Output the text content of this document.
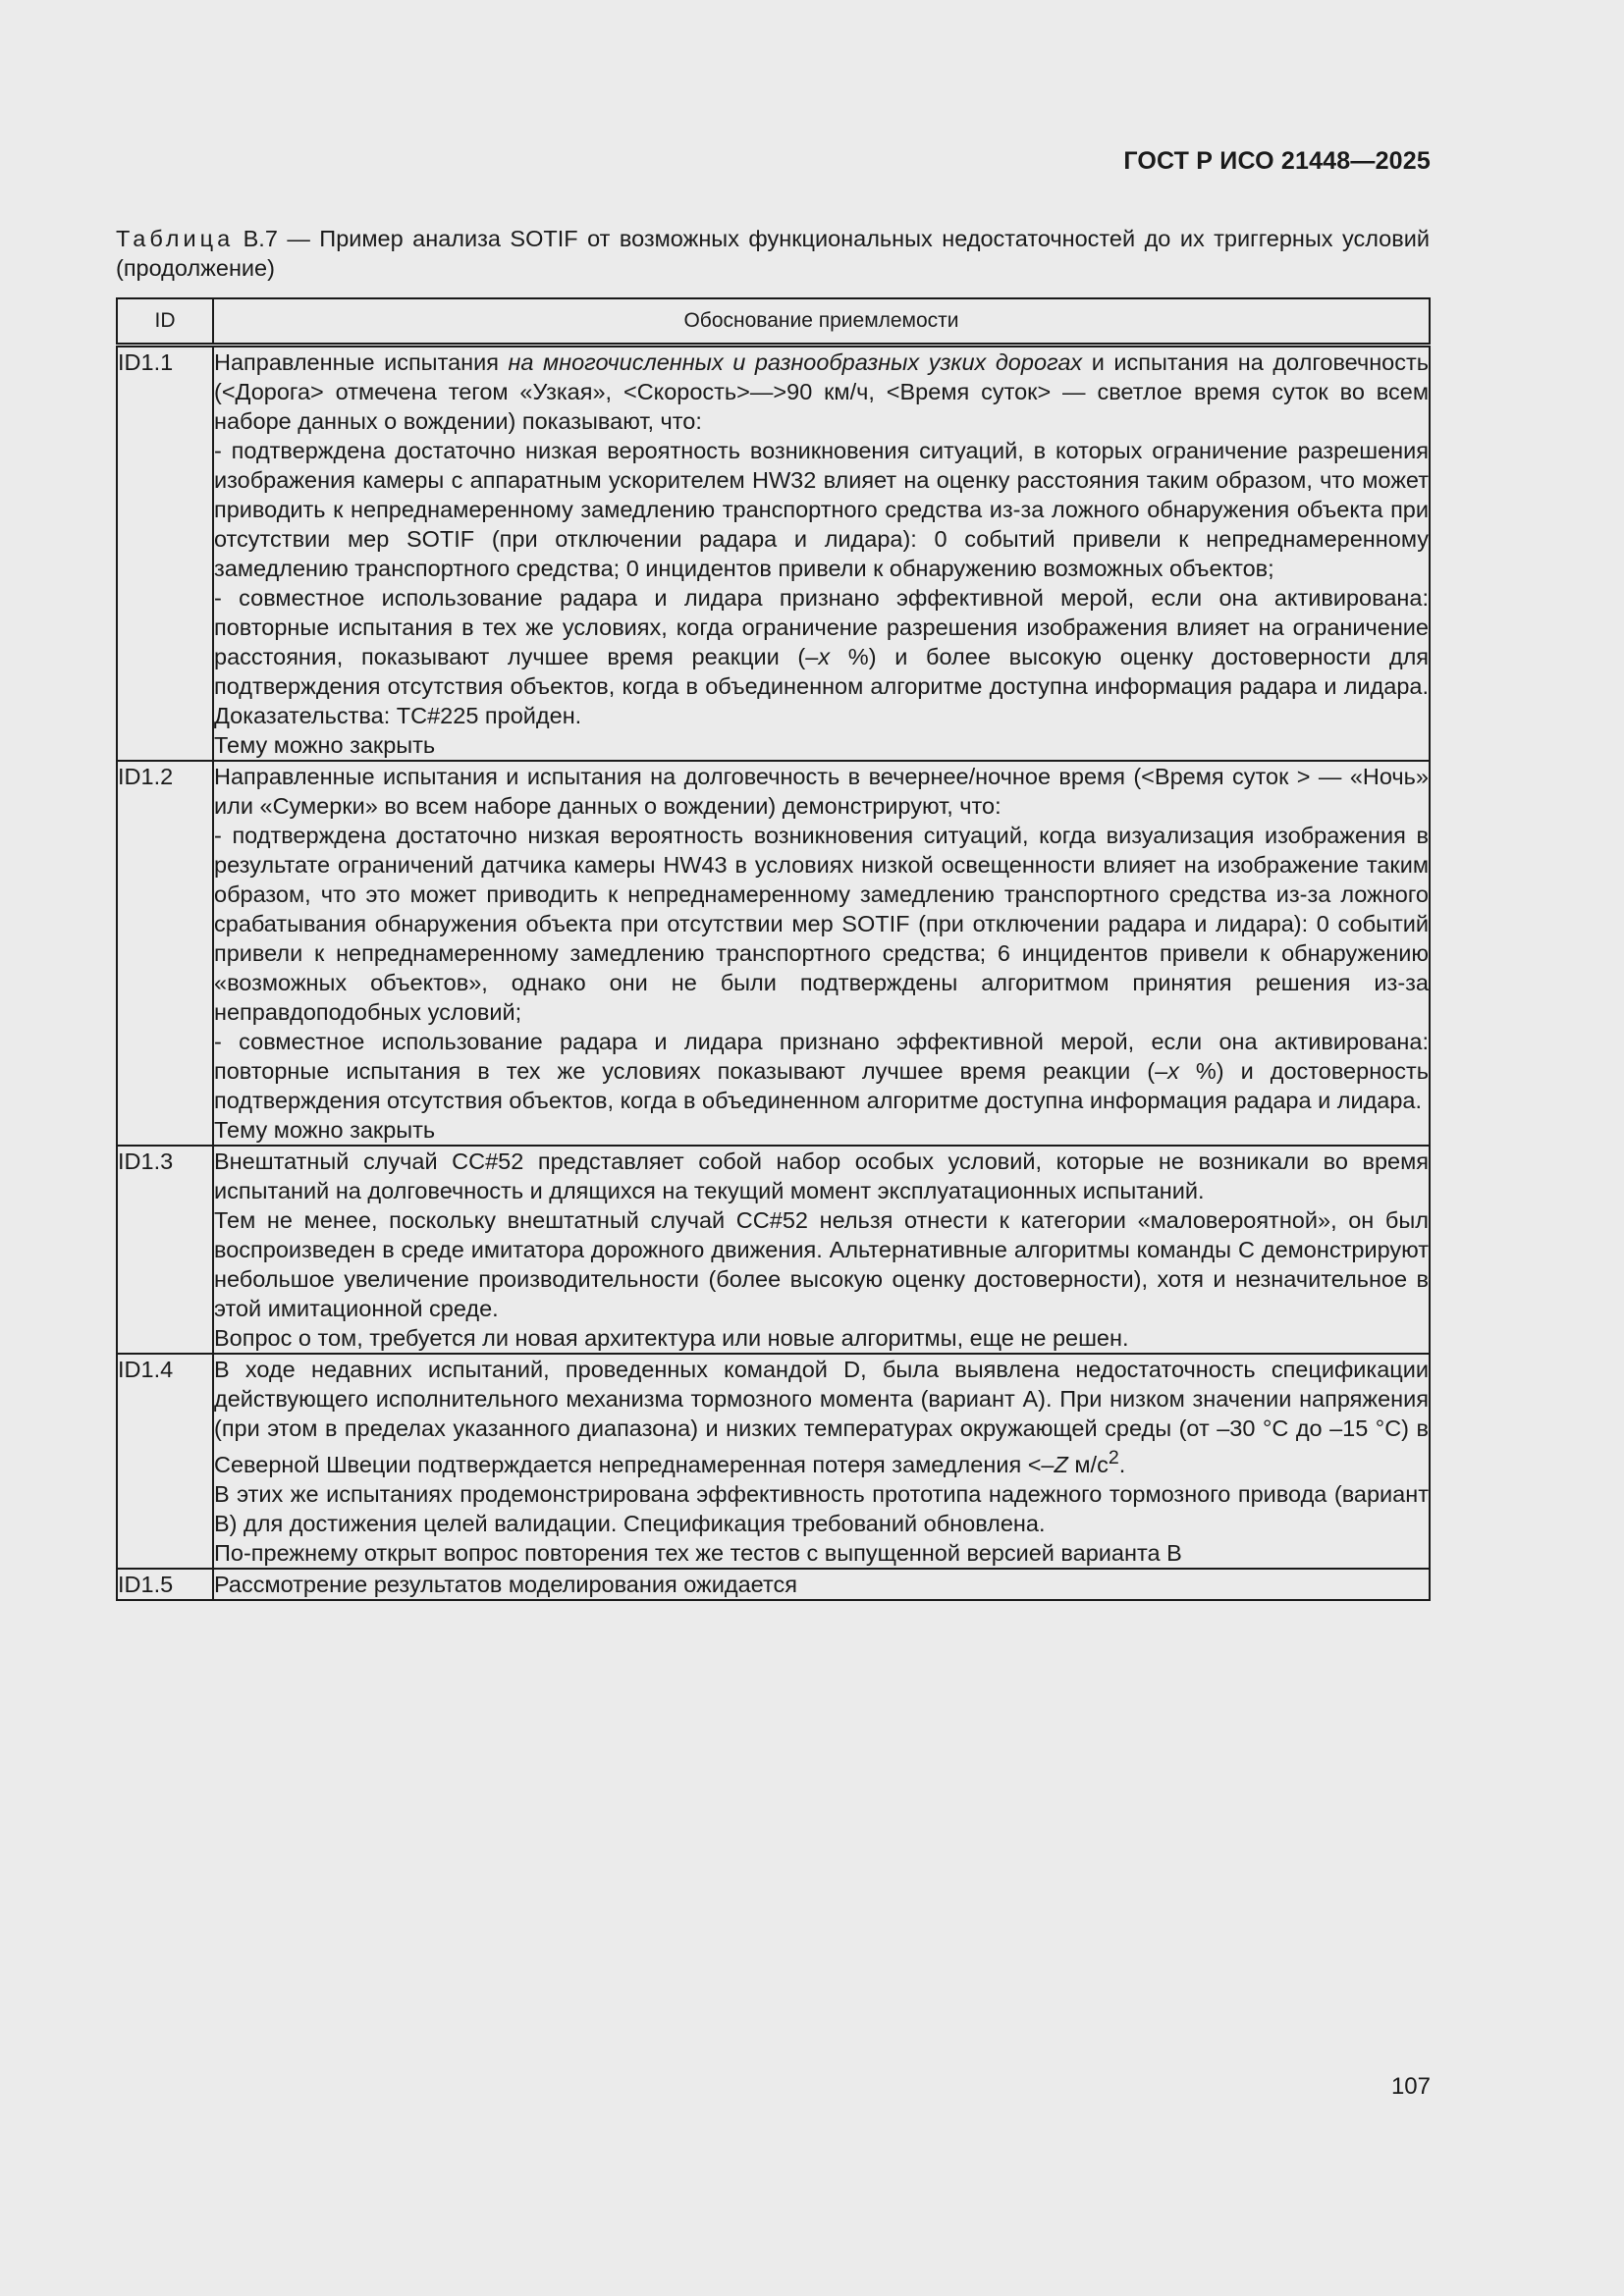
ГОСТ Р ИСО 21448—2025
Таблица В.7 — Пример анализа SOTIF от возможных функциональных недостаточностей до их триггерных условий (продолжение)
ID	Обоснование приемлемости
ID1.1	Направленные испытания на многочисленных и разнообразных узких дорогах и испытания на долговечность (<Дорога> отмечена тегом «Узкая», <Скорость>—>90 км/ч, <Время суток> — светлое время суток во всем наборе данных о вождении) показывают, что:

- подтверждена достаточно низкая вероятность возникновения ситуаций, в которых ограничение разрешения изображения камеры с аппаратным ускорителем HW32 влияет на оценку расстояния таким образом, что может приводить к непреднамеренному замедлению транспортного средства из-за ложного обнаружения объекта при отсутствии мер SOTIF (при отключении радара и лидара): 0 событий привели к непреднамеренному замедлению транспортного средства; 0 инцидентов привели к обнаружению возможных объектов;

- совместное использование радара и лидара признано эффективной мерой, если она активирована: повторные испытания в тех же условиях, когда ограничение разрешения изображения влияет на ограничение расстояния, показывают лучшее время реакции (–x %) и более высокую оценку достоверности для подтверждения отсутствия объектов, когда в объединенном алгоритме доступна информация радара и лидара. Доказательства: ТС#225 пройден.

Тему можно закрыть

ID1.2	Направленные испытания и испытания на долговечность в вечернее/ночное время (<Время суток > — «Ночь» или «Сумерки» во всем наборе данных о вождении) демонстрируют, что:

- подтверждена достаточно низкая вероятность возникновения ситуаций, когда визуализация изображения в результате ограничений датчика камеры HW43 в условиях низкой освещенности влияет на изображение таким образом, что это может приводить к непреднамеренному замедлению транспортного средства из-за ложного срабатывания обнаружения объекта при отсутствии мер SOTIF (при отключении радара и лидара): 0 событий привели к непреднамеренному замедлению транспортного средства; 6 инцидентов привели к обнаружению «возможных объектов», однако они не были подтверждены алгоритмом принятия решения из-за неправдоподобных условий;

- совместное использование радара и лидара признано эффективной мерой, если она активирована: повторные испытания в тех же условиях показывают лучшее время реакции (–x %) и достоверность подтверждения отсутствия объектов, когда в объединенном алгоритме доступна информация радара и лидара.

Тему можно закрыть

ID1.3	Внештатный случай CC#52 представляет собой набор особых условий, которые не возникали во время испытаний на долговечность и длящихся на текущий момент эксплуатационных испытаний.

Тем не менее, поскольку внештатный случай CC#52 нельзя отнести к категории «маловероятной», он был воспроизведен в среде имитатора дорожного движения. Альтернативные алгоритмы команды C демонстрируют небольшое увеличение производительности (более высокую оценку достоверности), хотя и незначительное в этой имитационной среде.

Вопрос о том, требуется ли новая архитектура или новые алгоритмы, еще не решен.

ID1.4	В ходе недавних испытаний, проведенных командой D, была выявлена недостаточность спецификации действующего исполнительного механизма тормозного момента (вариант А). При низком значении напряжения (при этом в пределах указанного диапазона) и низких температурах окружающей среды (от –30 °С до –15 °С) в Северной Швеции подтверждается непреднамеренная потеря замедления <–Z $м/с^2$.

В этих же испытаниях продемонстрирована эффективность прототипа надежного тормозного привода (вариант В) для достижения целей валидации. Спецификация требований обновлена.

По-прежнему открыт вопрос повторения тех же тестов с выпущенной версией варианта В

ID1.5	Рассмотрение результатов моделирования ожидается

107
